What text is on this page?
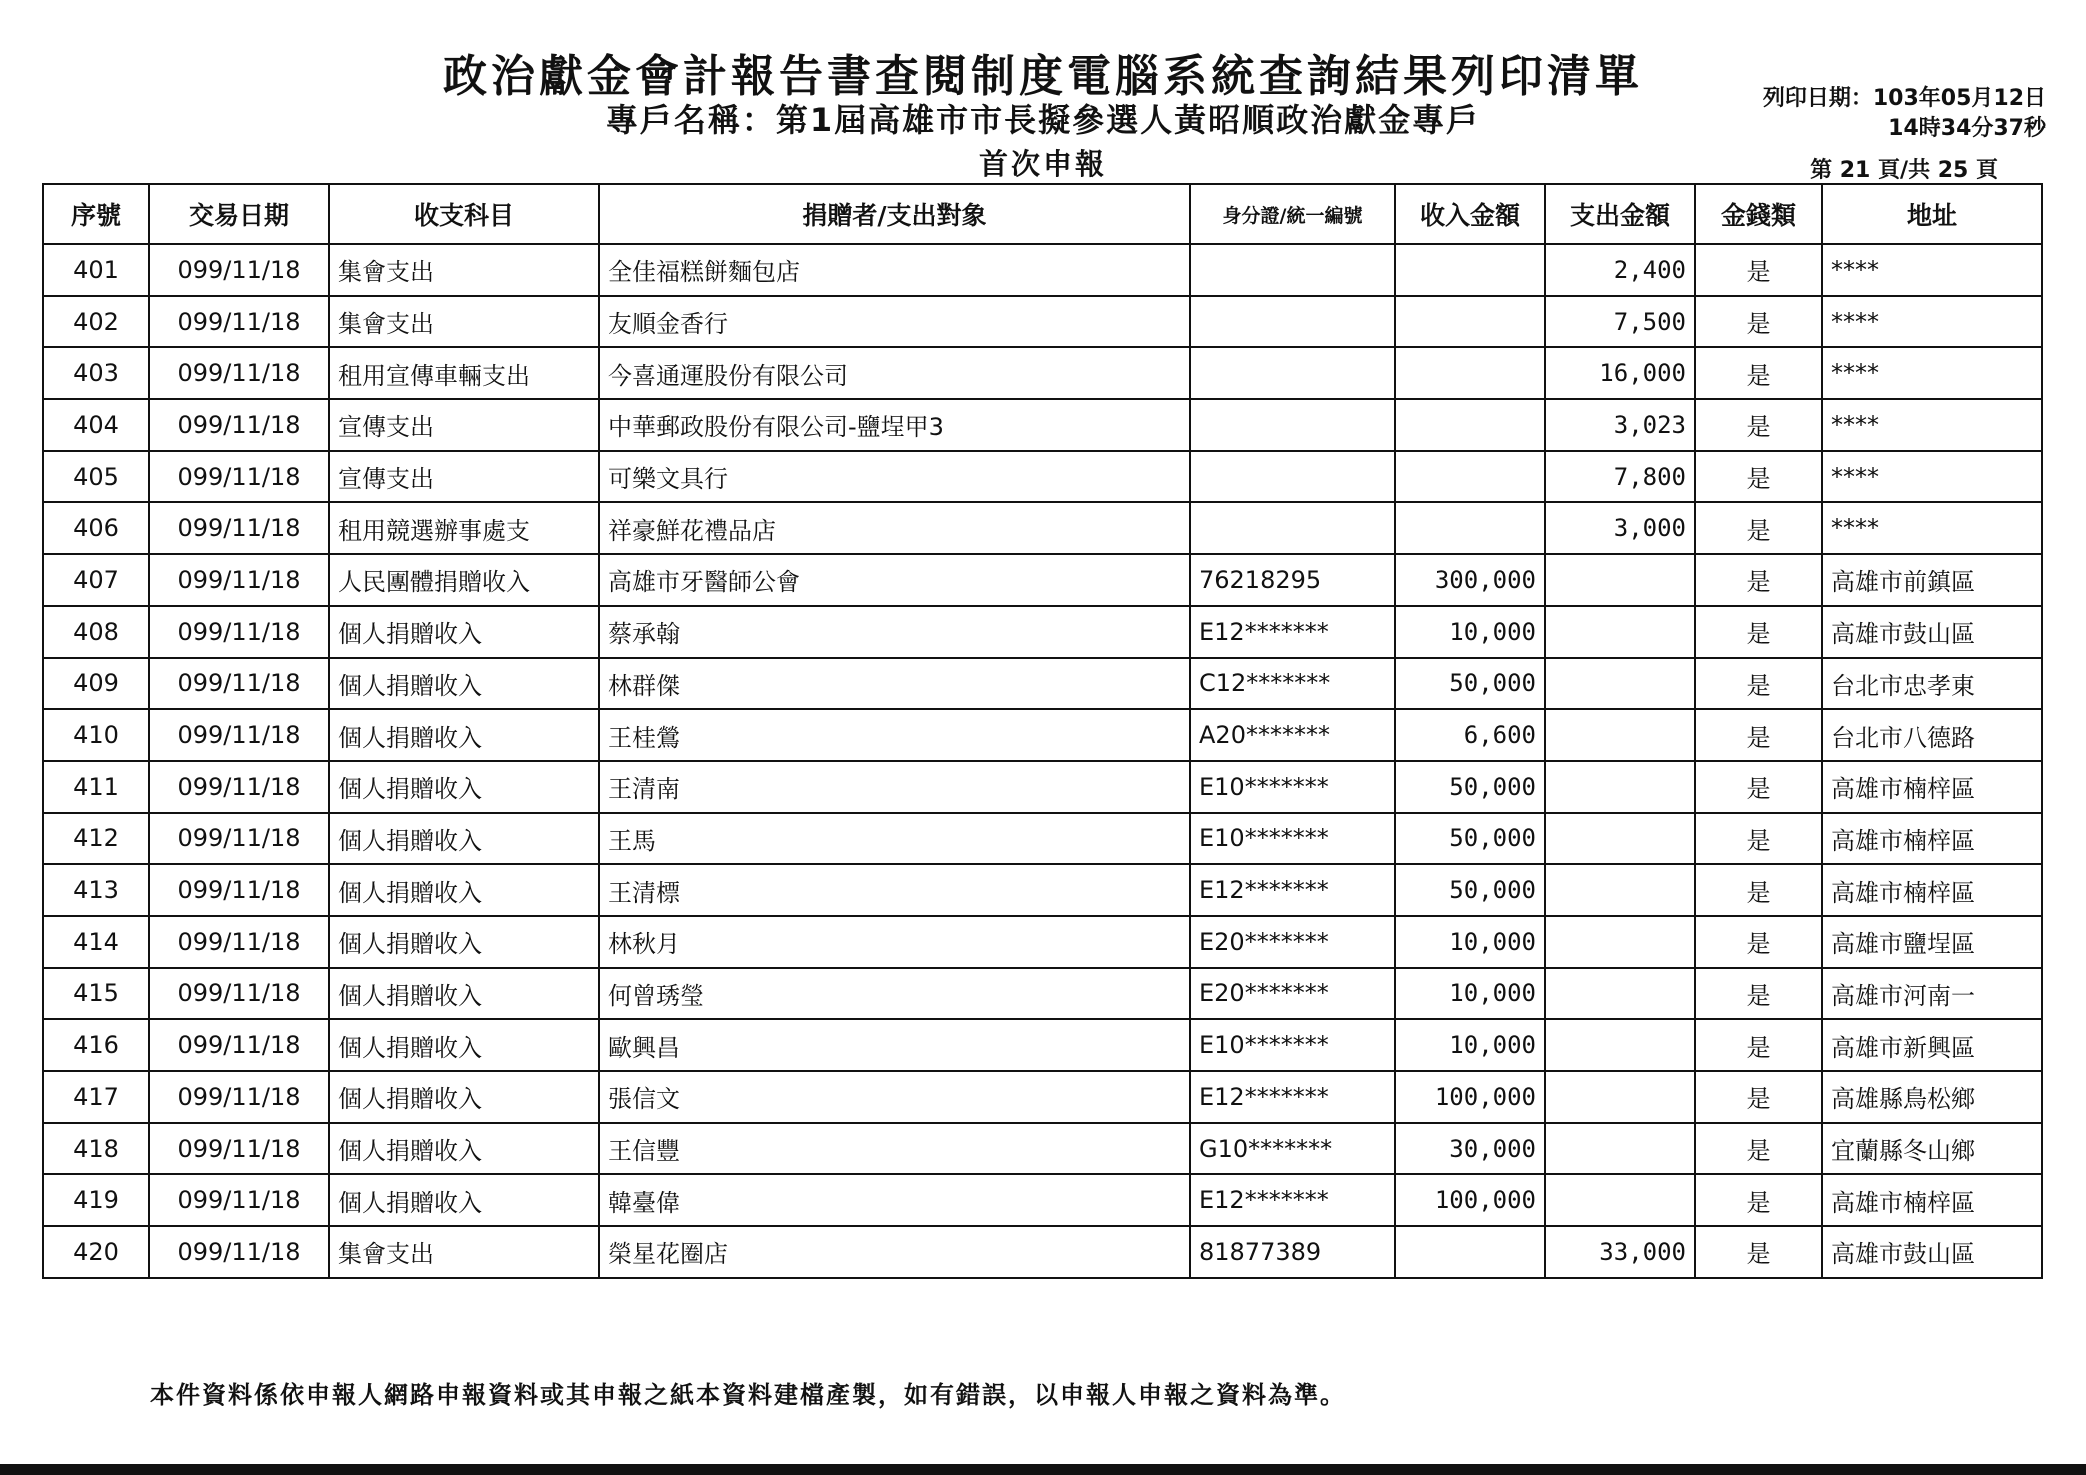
政治獻金會計報告書查閱制度電腦系統查詢結果列印清單
專戶名稱：第1屆高雄市市長擬參選人黃昭順政治獻金專戶
首次申報
列印日期：103年05月12日
14時34分37秒
第 21 頁/共 25 頁
序號	交易日期	收支科目	捐贈者/支出對象	身分證/統一編號	收入金額	支出金額	金錢類	地址
401	099/11/18	集會支出	全佳福糕餅麵包店			2,400	是	****
402	099/11/18	集會支出	友順金香行			7,500	是	****
403	099/11/18	租用宣傳車輛支出	今喜通運股份有限公司			16,000	是	****
404	099/11/18	宣傳支出	中華郵政股份有限公司-鹽埕甲3			3,023	是	****
405	099/11/18	宣傳支出	可樂文具行			7,800	是	****
406	099/11/18	租用競選辦事處支	祥豪鮮花禮品店			3,000	是	****
407	099/11/18	人民團體捐贈收入	高雄市牙醫師公會	76218295	300,000		是	高雄市前鎮區
408	099/11/18	個人捐贈收入	蔡承翰	E12*******	10,000		是	高雄市鼓山區
409	099/11/18	個人捐贈收入	林群傑	C12*******	50,000		是	台北市忠孝東
410	099/11/18	個人捐贈收入	王桂鶯	A20*******	6,600		是	台北市八德路
411	099/11/18	個人捐贈收入	王清南	E10*******	50,000		是	高雄市楠梓區
412	099/11/18	個人捐贈收入	王馬	E10*******	50,000		是	高雄市楠梓區
413	099/11/18	個人捐贈收入	王清標	E12*******	50,000		是	高雄市楠梓區
414	099/11/18	個人捐贈收入	林秋月	E20*******	10,000		是	高雄市鹽埕區
415	099/11/18	個人捐贈收入	何曾琇瑩	E20*******	10,000		是	高雄市河南一
416	099/11/18	個人捐贈收入	歐興昌	E10*******	10,000		是	高雄市新興區
417	099/11/18	個人捐贈收入	張信文	E12*******	100,000		是	高雄縣鳥松鄉
418	099/11/18	個人捐贈收入	王信豐	G10*******	30,000		是	宜蘭縣冬山鄉
419	099/11/18	個人捐贈收入	韓臺偉	E12*******	100,000		是	高雄市楠梓區
420	099/11/18	集會支出	榮星花圈店	81877389		33,000	是	高雄市鼓山區
本件資料係依申報人網路申報資料或其申報之紙本資料建檔產製，如有錯誤，以申報人申報之資料為準。
